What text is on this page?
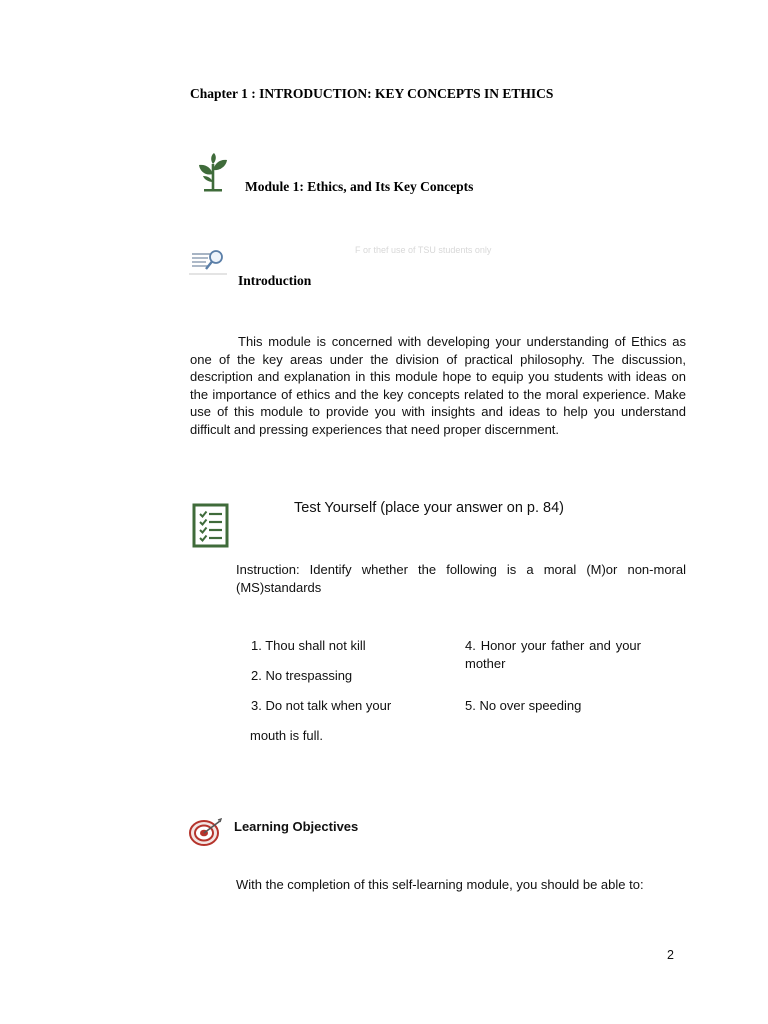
Chapter 1 : INTRODUCTION: KEY CONCEPTS IN ETHICS
Module 1: Ethics, and Its Key Concepts
F or thef use of TSU students only
Introduction

This module is concerned with developing your understanding of Ethics as one of the key areas under the division of practical philosophy. The discussion, description and explanation in this module hope to equip you students with ideas on the importance of ethics and the key concepts related to the moral experience. Make use of this module to provide you with insights and ideas to help you understand difficult and pressing experiences that need proper discernment.

Test Yourself (place your answer on p. 84)

Instruction: Identify whether the following is a moral (M)or non-moral (MS)standards

1. Thou shall not kill
2. No trespassing
3. Do not talk when your
mouth is full.
4. Honor your father and your mother
5. No over speeding
Learning Objectives
With the completion of this self-learning module, you should be able to:
2
